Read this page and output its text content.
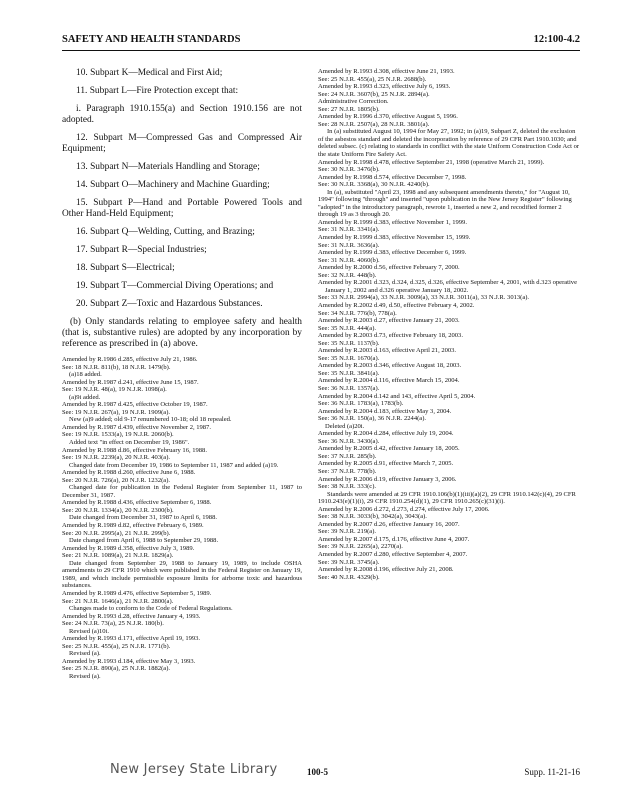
SAFETY AND HEALTH STANDARDS	12:100-4.2

10. Subpart K—Medical and First Aid;

11. Subpart L—Fire Protection except that:

i. Paragraph 1910.155(a) and Section 1910.156 are not adopted.

12. Subpart M—Compressed Gas and Compressed Air Equipment;

13. Subpart N—Materials Handling and Storage;

14. Subpart O—Machinery and Machine Guarding;

15. Subpart P—Hand and Portable Powered Tools and Other Hand-Held Equipment;

16. Subpart Q—Welding, Cutting, and Brazing;

17. Subpart R—Special Industries;

18. Subpart S—Electrical;

19. Subpart T—Commercial Diving Operations; and

20. Subpart Z—Toxic and Hazardous Substances.

(b) Only standards relating to employee safety and health (that is, substantive rules) are adopted by any incorporation by reference as prescribed in (a) above.
Amended by R.1986 d.285, effective July 21, 1986.
See: 18 N.J.R. 811(b), 18 N.J.R. 1479(b).
(a)18 added.
Amended by R.1987 d.241, effective June 15, 1987.
See: 19 N.J.R. 48(a), 19 N.J.R. 1098(a).
(a)9i added.
Amended by R.1987 d.425, effective October 19, 1987.
See: 19 N.J.R. 267(a), 19 N.J.R. 1909(a).
New (a)9 added; old 9-17 renumbered 10-18; old 18 repealed.
Amended by R.1987 d.439, effective November 2, 1987.
See: 19 N.J.R. 1533(a), 19 N.J.R. 2060(b).
Added text "in effect on December 19, 1986".
Amended by R.1988 d.86, effective February 16, 1988.
See: 19 N.J.R. 2239(a), 20 N.J.R. 403(a).
Changed date from December 19, 1986 to September 11, 1987 and added (a)19.
Amended by R.1988 d.260, effective June 6, 1988.
See: 20 N.J.R. 726(a), 20 N.J.R. 1232(a).
Changed date for publication in the Federal Register from September 11, 1987 to December 31, 1987.
Amended by R.1988 d.436, effective September 6, 1988.
See: 20 N.J.R. 1334(a), 20 N.J.R. 2300(b).
Date changed from December 31, 1987 to April 6, 1988.
Amended by R.1989 d.82, effective February 6, 1989.
See: 20 N.J.R. 2995(a), 21 N.J.R. 299(b).
Date changed from April 6, 1988 to September 29, 1988.
Amended by R.1989 d.358, effective July 3, 1989.
See: 21 N.J.R. 1089(a), 21 N.J.R. 1829(a).
Date changed from September 29, 1988 to January 19, 1989, to include OSHA amendments to 29 CFR 1910 which were published in the Federal Register on January 19, 1989, and which include permissible exposure limits for airborne toxic and hazardous substances.
Amended by R.1989 d.476, effective September 5, 1989.
See: 21 N.J.R. 1646(a), 21 N.J.R. 2800(a).
Changes made to conform to the Code of Federal Regulations.
Amended by R.1993 d.28, effective January 4, 1993.
See: 24 N.J.R. 73(a), 25 N.J.R. 180(b).
Revised (a)10i.
Amended by R.1993 d.171, effective April 19, 1993.
See: 25 N.J.R. 455(a), 25 N.J.R. 1771(b).
Revised (a).
Amended by R.1993 d.184, effective May 3, 1993.
See: 25 N.J.R. 890(a), 25 N.J.R. 1882(a).
Revised (a).
Amended by R.1993 d.308, effective June 21, 1993.
See: 25 N.J.R. 455(a), 25 N.J.R. 2688(b).
Amended by R.1993 d.323, effective July 6, 1993.
See: 24 N.J.R. 3607(b), 25 N.J.R. 2894(a).
Administrative Correction.
See: 27 N.J.R. 1805(b).
Amended by R.1996 d.370, effective August 5, 1996.
See: 28 N.J.R. 2507(a), 28 N.J.R. 3801(a).
In (a) substituted August 10, 1994 for May 27, 1992; in (a)19, Subpart Z, deleted the exclusion of the asbestos standard and deleted the incorporation by reference of 29 CFR Part 1910.1030; and deleted subsec. (c) relating to standards in conflict with the state Uniform Construction Code Act or the state Uniform Fire Safety Act.
Amended by R.1998 d.478, effective September 21, 1998 (operative March 21, 1999).
See: 30 N.J.R. 3476(b).
Amended by R.1998 d.574, effective December 7, 1998.
See: 30 N.J.R. 3368(a), 30 N.J.R. 4240(b).
In (a), substituted "April 23, 1998 and any subsequent amendments thereto," for "August 10, 1994" following "through" and inserted "upon publication in the New Jersey Register" following "adopted" in the introductory paragraph, rewrote 1, inserted a new 2, and recodified former 2 through 19 as 3 through 20.
Amended by R.1999 d.383, effective November 1, 1999.
See: 31 N.J.R. 3341(a).
Amended by R.1999 d.383, effective November 15, 1999.
See: 31 N.J.R. 3636(a).
Amended by R.1999 d.383, effective December 6, 1999.
See: 31 N.J.R. 4060(b).
Amended by R.2000 d.56, effective February 7, 2000.
See: 32 N.J.R. 448(b).
Amended by R.2001 d.323, d.324, d.325, d.326, effective September 4, 2001, with d.323 operative January 1, 2002 and d.326 operative January 18, 2002.
See: 33 N.J.R. 2994(a), 33 N.J.R. 3009(a), 33 N.J.R. 3011(a), 33 N.J.R. 3013(a).
Amended by R.2002 d.49, d.50, effective February 4, 2002.
See: 34 N.J.R. 776(b), 778(a).
Amended by R.2003 d.27, effective January 21, 2003.
See: 35 N.J.R. 444(a).
Amended by R.2003 d.73, effective February 18, 2003.
See: 35 N.J.R. 1137(b).
Amended by R.2003 d.163, effective April 21, 2003.
See: 35 N.J.R. 1670(a).
Amended by R.2003 d.346, effective August 18, 2003.
See: 35 N.J.R. 3841(a).
Amended by R.2004 d.116, effective March 15, 2004.
See: 36 N.J.R. 1357(a).
Amended by R.2004 d.142 and 143, effective April 5, 2004.
See: 36 N.J.R. 1783(a), 1783(b).
Amended by R.2004 d.183, effective May 3, 2004.
See: 36 N.J.R. 150(a), 36 N.J.R. 2244(a).
Deleted (a)20i.
Amended by R.2004 d.284, effective July 19, 2004.
See: 36 N.J.R. 3430(a).
Amended by R.2005 d.42, effective January 18, 2005.
See: 37 N.J.R. 285(b).
Amended by R.2005 d.91, effective March 7, 2005.
See: 37 N.J.R. 778(b).
Amended by R.2006 d.19, effective January 3, 2006.
See: 38 N.J.R. 333(c).
Standards were amended at 29 CFR 1910.106(b)(1)(iii)(a)(2), 29 CFR 1910.142(c)(4), 29 CFR 1910.243(e)(1)(i), 29 CFR 1910.254(d)(1), 29 CFR 1910.265(c)(31)(i).
Amended by R.2006 d.272, d.273, d.274, effective July 17, 2006.
See: 38 N.J.R. 3033(b), 3042(a), 3043(a).
Amended by R.2007 d.26, effective January 16, 2007.
See: 39 N.J.R. 219(a).
Amended by R.2007 d.175, d.176, effective June 4, 2007.
See: 39 N.J.R. 2265(a), 2270(a).
Amended by R.2007 d.280, effective September 4, 2007.
See: 39 N.J.R. 3745(a).
Amended by R.2008 d.196, effective July 21, 2008.
See: 40 N.J.R. 4329(b).
New Jersey State Library	100-5	Supp. 11-21-16
